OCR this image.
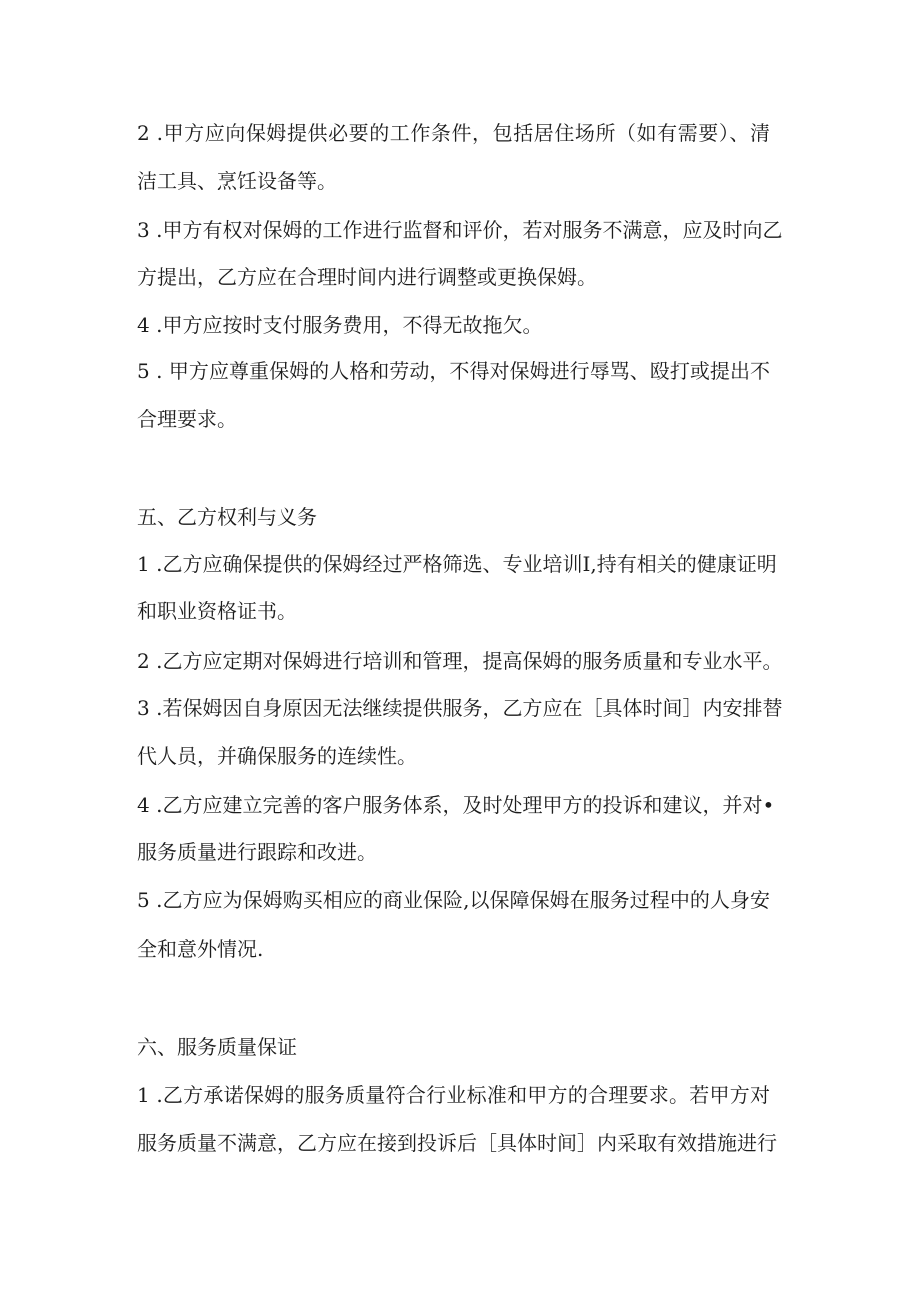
2 .甲方应向保姆提供必要的工作条件，包括居住场所（如有需要）、清
洁工具、烹饪设备等。
3 .甲方有权对保姆的工作进行监督和评价，若对服务不满意，应及时向乙
方提出，乙方应在合理时间内进行调整或更换保姆。
4 .甲方应按时支付服务费用，不得无故拖欠。
5 . 甲方应尊重保姆的人格和劳动，不得对保姆进行辱骂、殴打或提出不
合理要求。
五、乙方权利与义务
1 .乙方应确保提供的保姆经过严格筛选、专业培训I,持有相关的健康证明
和职业资格证书。
2 .乙方应定期对保姆进行培训和管理，提高保姆的服务质量和专业水平。
3 .若保姆因自身原因无法继续提供服务，乙方应在［具体时间］内安排替
代人员，并确保服务的连续性。
4 .乙方应建立完善的客户服务体系，及时处理甲方的投诉和建议，并对•
服务质量进行跟踪和改进。
5 .乙方应为保姆购买相应的商业保险,以保障保姆在服务过程中的人身安
全和意外情况.
六、服务质量保证
1 .乙方承诺保姆的服务质量符合行业标准和甲方的合理要求。若甲方对
服务质量不满意，乙方应在接到投诉后［具体时间］内采取有效措施进行
